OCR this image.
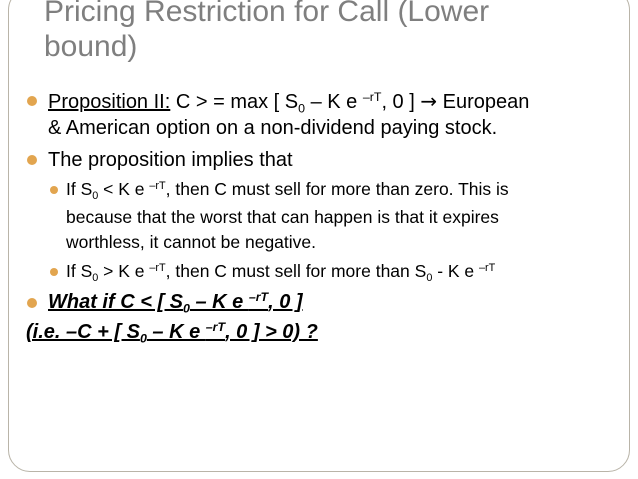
Pricing Restriction for Call (Lower
bound)
Proposition II: C > = max [ $S_0$ – K e $^{-rT}$, 0 ] → European
& American option on a non-dividend paying stock.
The proposition implies that
If $S_0 < K$ e $^{-rT}$, then C must sell for more than zero. This is
because that the worst that can happen is that it expires
worthless, it cannot be negative.
If $S_0 > K$ e $^{-rT}$, then C must sell for more than $S_0$ - K e $^{-rT}$
What if C < [ $S_0$ – K e $^{-rT}$, 0 ]
(i.e. –C + [ $S_0$ – K e $^{-rT}$, 0 ] > 0) ?
